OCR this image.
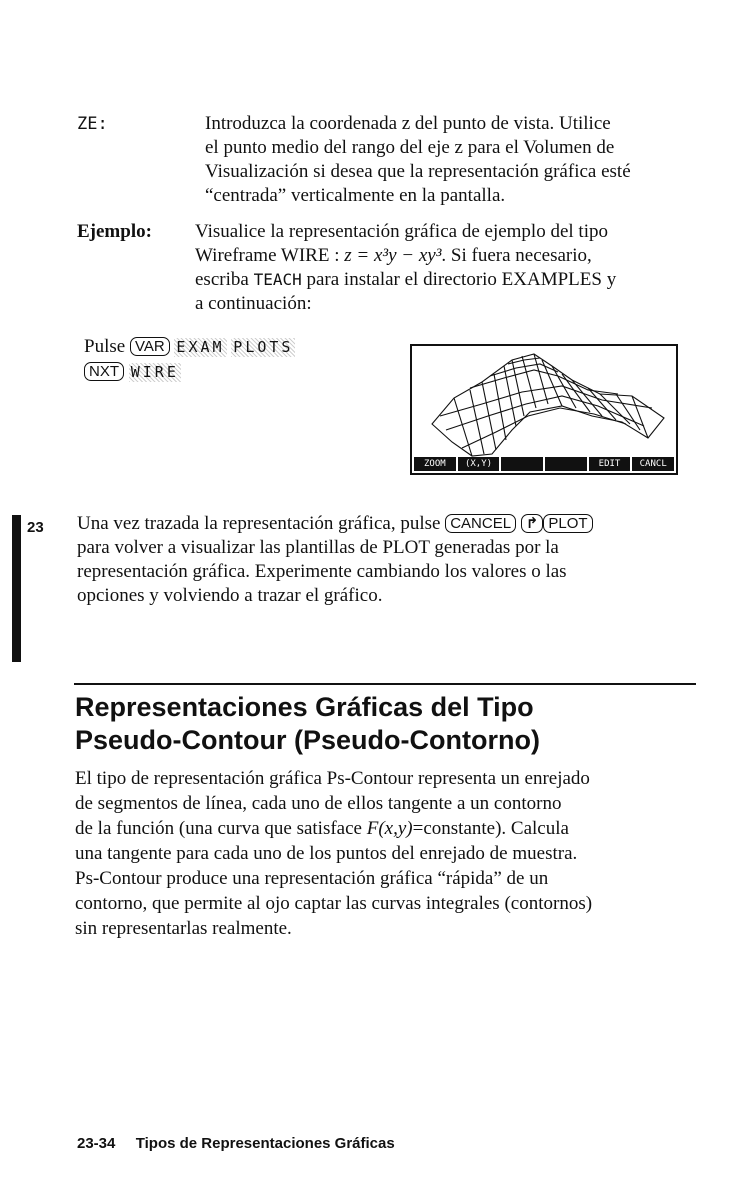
ZE:	Introduzca la coordenada z del punto de vista. Utilice
el punto medio del rango del eje z para el Volumen de
Visualización si desea que la representación gráfica esté
“centrada” verticalmente en la pantalla.
Ejemplo: Visualice la representación gráfica de ejemplo del tipo
Wireframe WIRE : z = x³y − xy³. Si fuera necesario,
escriba TEACH para instalar el directorio EXAMPLES y
a continuación:
Pulse VAR EXAM PLOTS
NXT WIRE
ZOOM	(X,Y)	EDIT	CANCL
23 Una vez trazada la representación gráfica, pulse CANCEL ↱ PLOT
para volver a visualizar las plantillas de PLOT generadas por la
representación gráfica. Experimente cambiando los valores o las
opciones y volviendo a trazar el gráfico.
Representaciones Gráficas del Tipo
Pseudo-Contour (Pseudo-Contorno)
El tipo de representación gráfica Ps-Contour representa un enrejado
de segmentos de línea, cada uno de ellos tangente a un contorno
de la función (una curva que satisface F(x,y)=constante). Calcula
una tangente para cada uno de los puntos del enrejado de muestra.
Ps-Contour produce una representación gráfica “rápida” de un
contorno, que permite al ojo captar las curvas integrales (contornos)
sin representarlas realmente.
23-34 Tipos de Representaciones Gráficas
